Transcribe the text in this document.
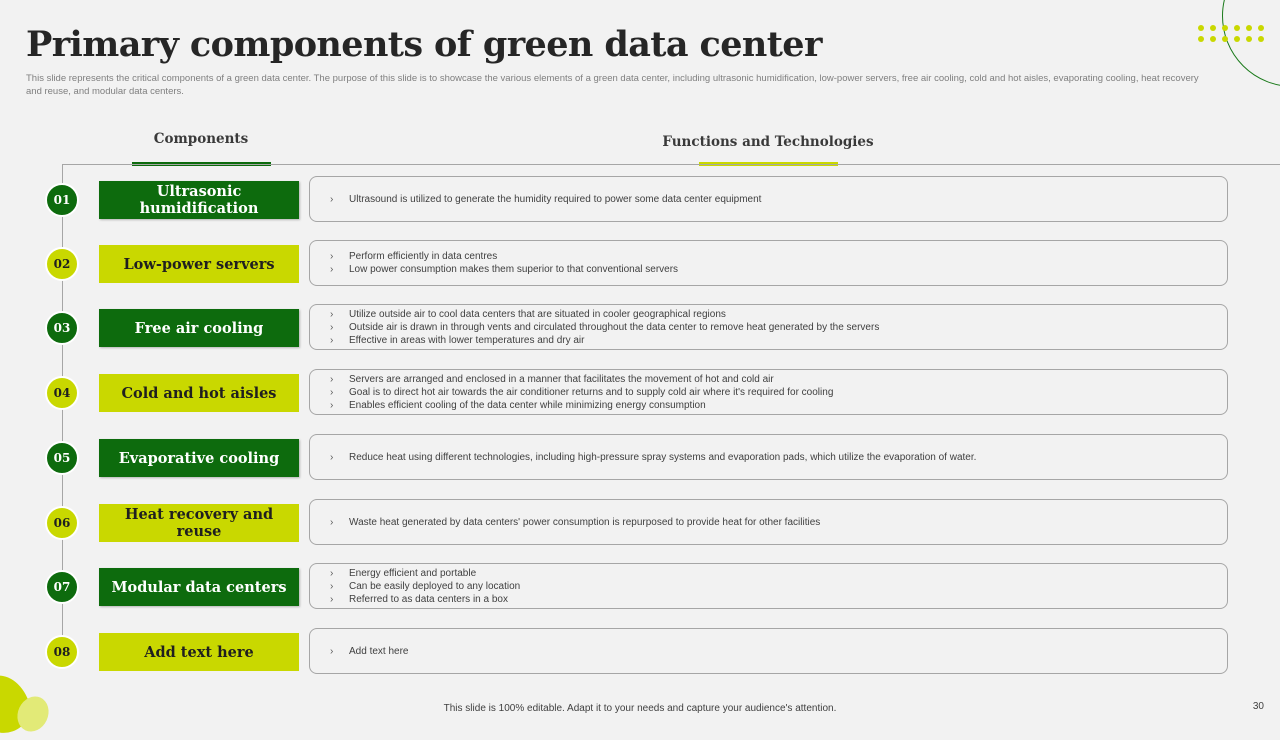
Primary components of green data center

This slide represents the critical components of a green data center. The purpose of this slide is to showcase the various elements of a green data center, including ultrasonic humidification, low-power servers, free air cooling, cold and hot aisles, evaporating cooling, heat recovery and reuse, and modular data centers.

Components	Functions and Technologies
01	Ultrasonic humidification
›	Ultrasound is utilized to generate the humidity required to power some data center equipment
02	Low-power servers	›	Perform efficiently in data centres
›	Low power consumption makes them superior to that conventional servers
03	Free air cooling
›	Utilize outside air to cool data centers that are situated in cooler geographical regions
›	Outside air is drawn in through vents and circulated throughout the data center to remove heat generated by the servers
›	Effective in areas with lower temperatures and dry air
04	Cold and hot aisles
›	Servers are arranged and enclosed in a manner that facilitates the movement of hot and cold air
›	Goal is to direct hot air towards the air conditioner returns and to supply cold air where it's required for cooling
›	Enables efficient cooling of the data center while minimizing energy consumption
05	Evaporative cooling	›	Reduce heat using different technologies, including high-pressure spray systems and evaporation pads, which utilize the evaporation of water.
06	Heat recovery and reuse
›	Waste heat generated by data centers' power consumption is repurposed to provide heat for other facilities
07	Modular data centers
›	Energy efficient and portable
›	Can be easily deployed to any location
›	Referred to as data centers in a box
08	Add text here	›	Add text here
This slide is 100% editable. Adapt it to your needs and capture your audience's attention.	30
